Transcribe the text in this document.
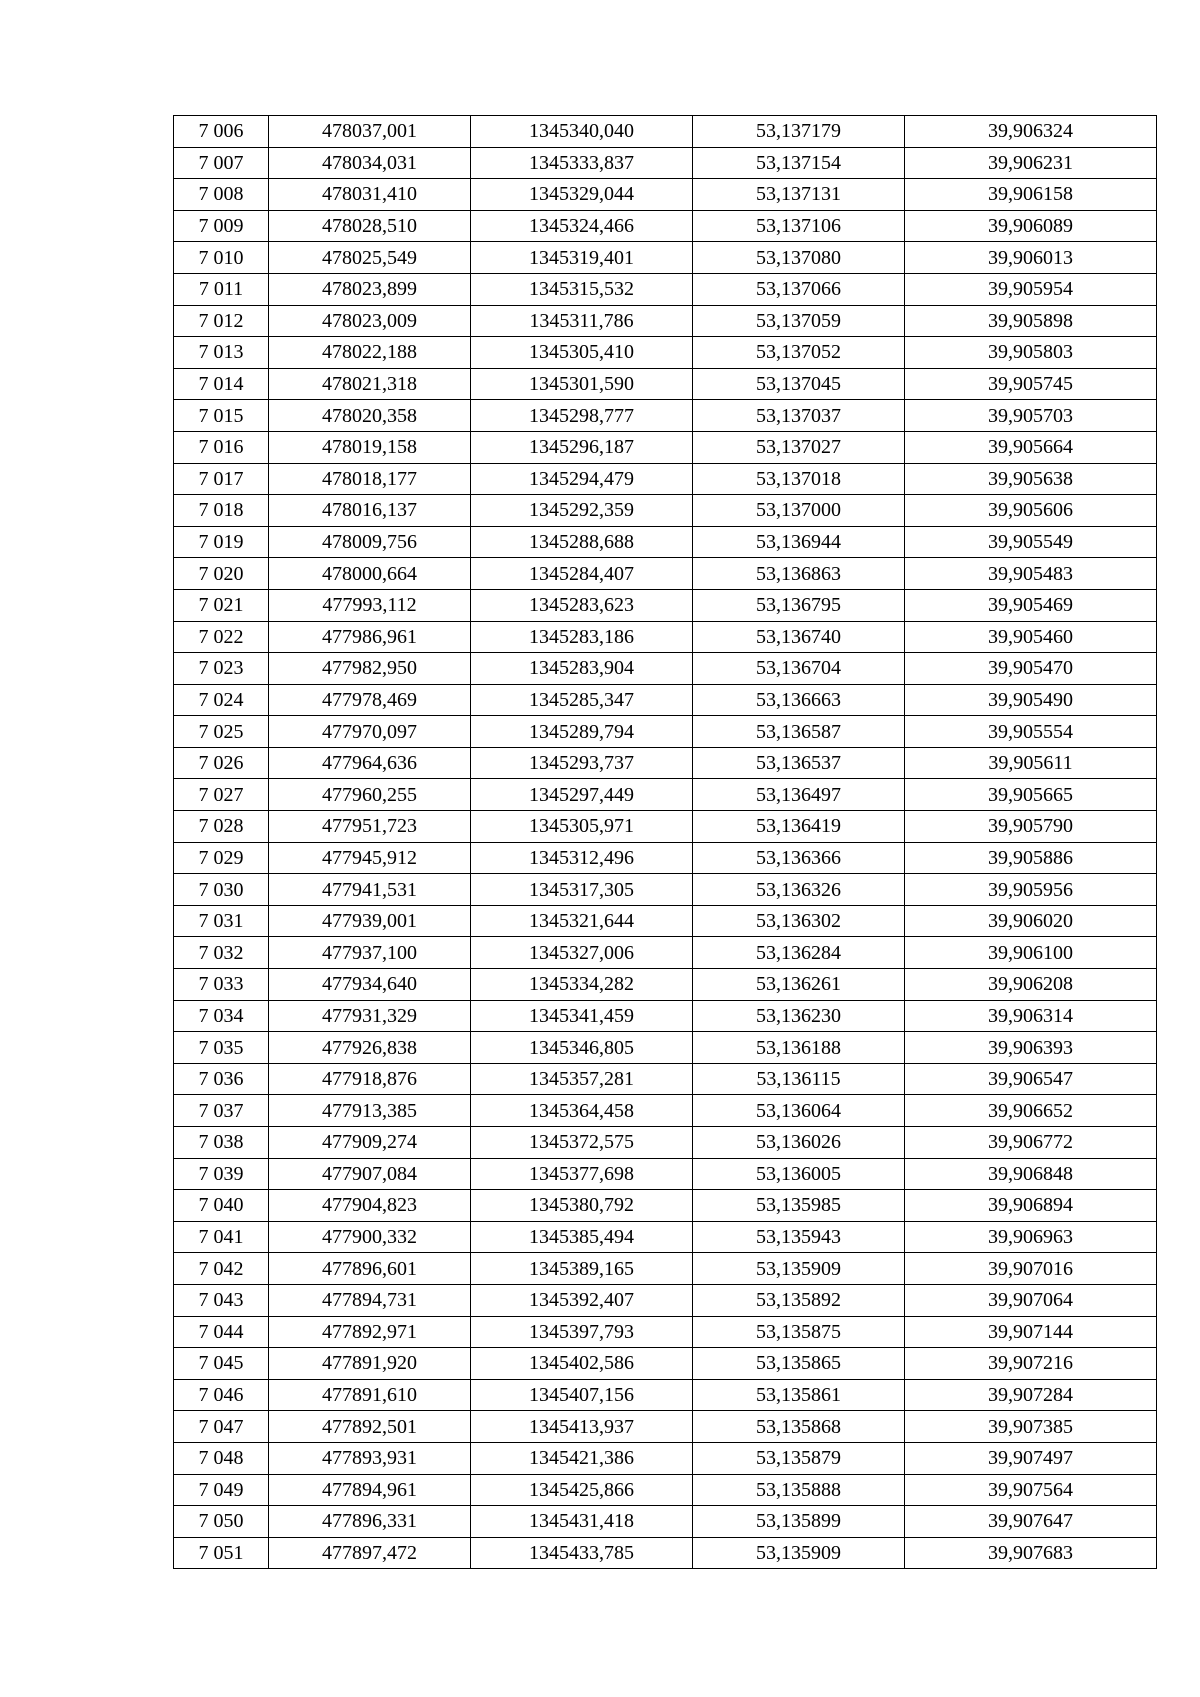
7 006	478037,001	1345340,040	53,137179	39,906324
7 007	478034,031	1345333,837	53,137154	39,906231
7 008	478031,410	1345329,044	53,137131	39,906158
7 009	478028,510	1345324,466	53,137106	39,906089
7 010	478025,549	1345319,401	53,137080	39,906013
7 011	478023,899	1345315,532	53,137066	39,905954
7 012	478023,009	1345311,786	53,137059	39,905898
7 013	478022,188	1345305,410	53,137052	39,905803
7 014	478021,318	1345301,590	53,137045	39,905745
7 015	478020,358	1345298,777	53,137037	39,905703
7 016	478019,158	1345296,187	53,137027	39,905664
7 017	478018,177	1345294,479	53,137018	39,905638
7 018	478016,137	1345292,359	53,137000	39,905606
7 019	478009,756	1345288,688	53,136944	39,905549
7 020	478000,664	1345284,407	53,136863	39,905483
7 021	477993,112	1345283,623	53,136795	39,905469
7 022	477986,961	1345283,186	53,136740	39,905460
7 023	477982,950	1345283,904	53,136704	39,905470
7 024	477978,469	1345285,347	53,136663	39,905490
7 025	477970,097	1345289,794	53,136587	39,905554
7 026	477964,636	1345293,737	53,136537	39,905611
7 027	477960,255	1345297,449	53,136497	39,905665
7 028	477951,723	1345305,971	53,136419	39,905790
7 029	477945,912	1345312,496	53,136366	39,905886
7 030	477941,531	1345317,305	53,136326	39,905956
7 031	477939,001	1345321,644	53,136302	39,906020
7 032	477937,100	1345327,006	53,136284	39,906100
7 033	477934,640	1345334,282	53,136261	39,906208
7 034	477931,329	1345341,459	53,136230	39,906314
7 035	477926,838	1345346,805	53,136188	39,906393
7 036	477918,876	1345357,281	53,136115	39,906547
7 037	477913,385	1345364,458	53,136064	39,906652
7 038	477909,274	1345372,575	53,136026	39,906772
7 039	477907,084	1345377,698	53,136005	39,906848
7 040	477904,823	1345380,792	53,135985	39,906894
7 041	477900,332	1345385,494	53,135943	39,906963
7 042	477896,601	1345389,165	53,135909	39,907016
7 043	477894,731	1345392,407	53,135892	39,907064
7 044	477892,971	1345397,793	53,135875	39,907144
7 045	477891,920	1345402,586	53,135865	39,907216
7 046	477891,610	1345407,156	53,135861	39,907284
7 047	477892,501	1345413,937	53,135868	39,907385
7 048	477893,931	1345421,386	53,135879	39,907497
7 049	477894,961	1345425,866	53,135888	39,907564
7 050	477896,331	1345431,418	53,135899	39,907647
7 051	477897,472	1345433,785	53,135909	39,907683
